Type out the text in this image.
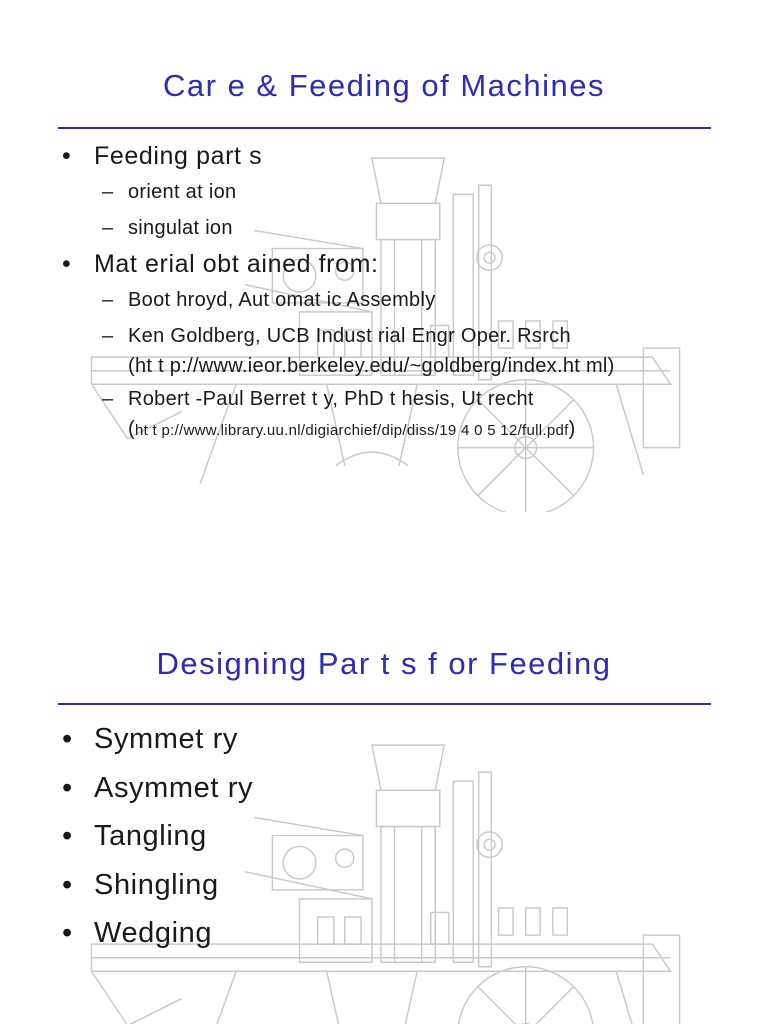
Car e & Feeding of Machines
• Feeding part s
– orient at ion
– singulat ion
• Mat erial obt ained from:
– Boot hroyd, Aut omat ic Assembly
– Ken Goldberg, UCB Indust rial Engr Oper. Rsrch
(ht t p://www.ieor.berkeley.edu/~goldberg/index.ht ml)
– Robert -Paul Berret t y, PhD t hesis, Ut recht
(ht t p://www.library.uu.nl/digiarchief/dip/diss/19 4 0 5 12/full.pdf)
Designing Par t s f or Feeding
• Symmet ry
• Asymmet ry
• Tangling
• Shingling
• Wedging
